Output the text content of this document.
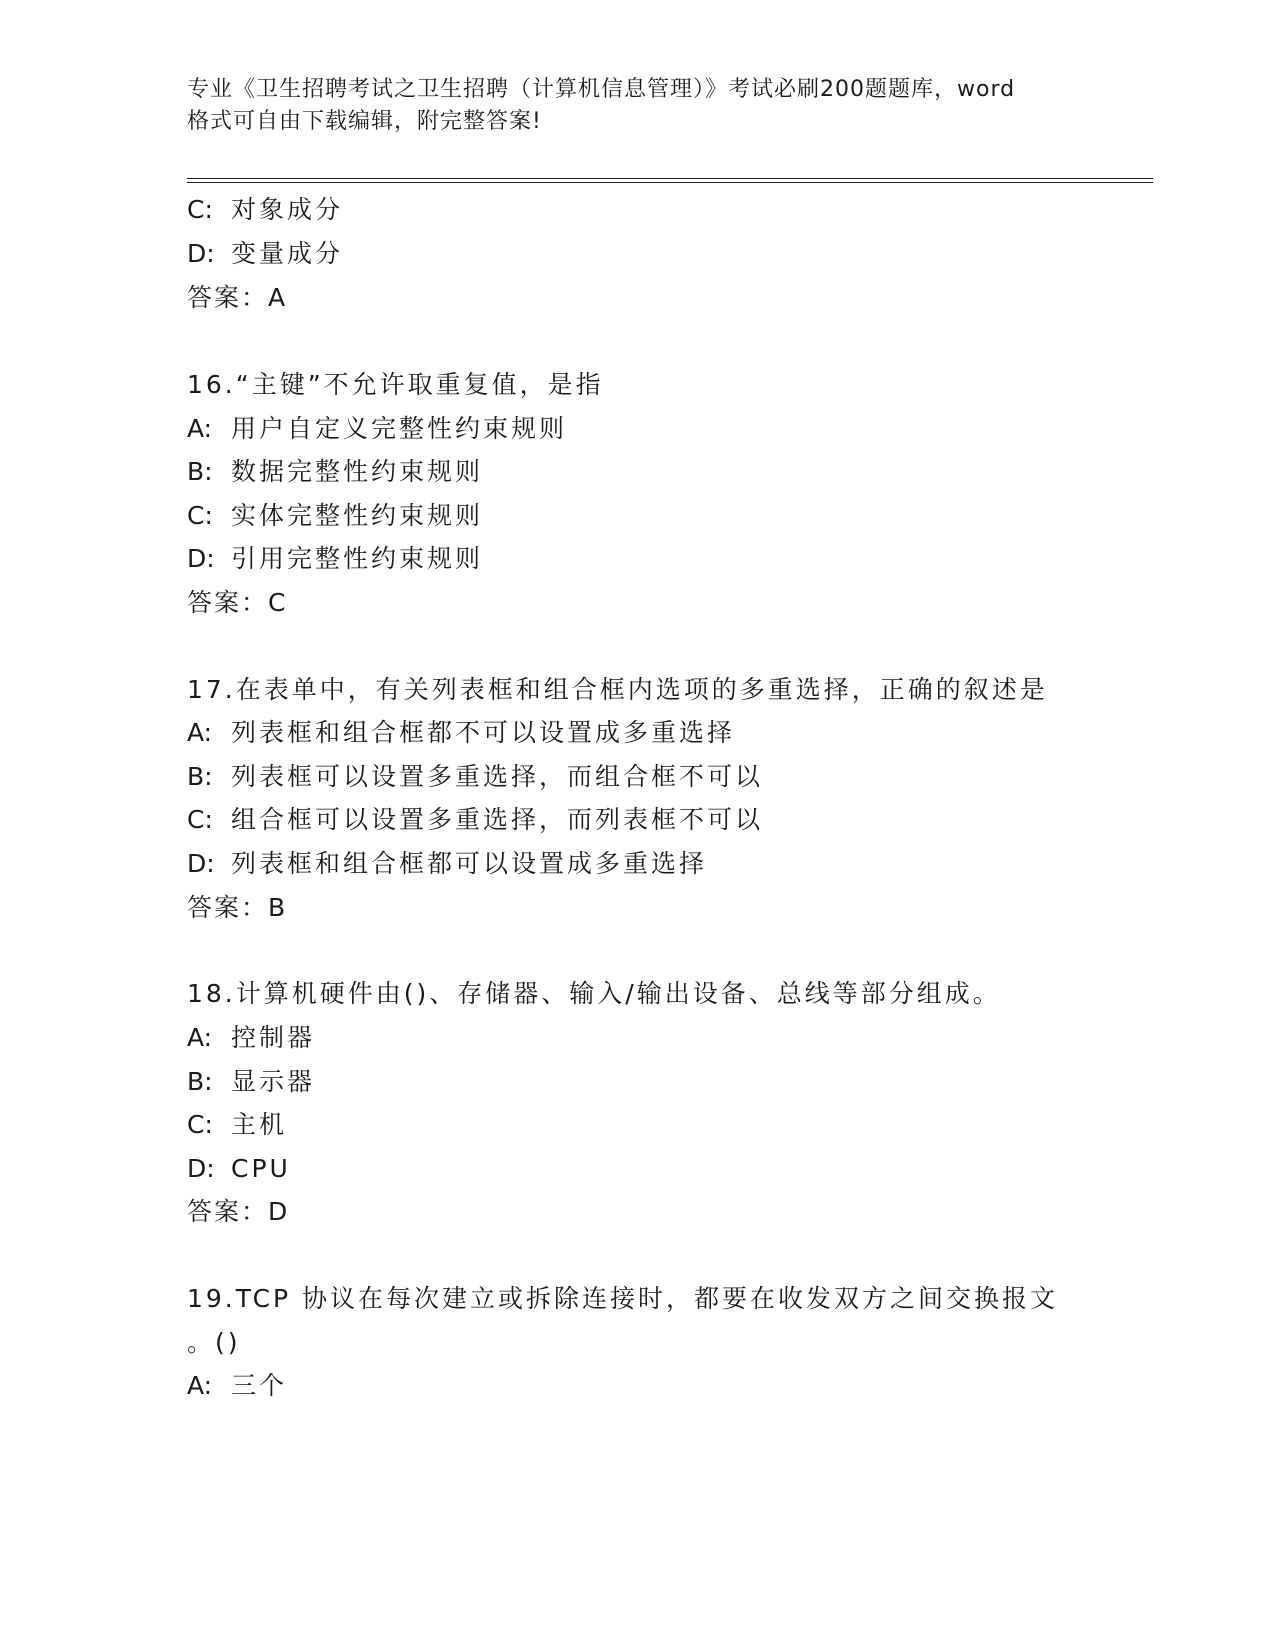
专业《卫生招聘考试之卫生招聘（计算机信息管理）》考试必刷200题题库，word
格式可自由下载编辑，附完整答案!
C: 对象成分
D: 变量成分
答案：A
16.“主键”不允许取重复值，是指
A: 用户自定义完整性约束规则
B: 数据完整性约束规则
C: 实体完整性约束规则
D: 引用完整性约束规则
答案：C
17.在表单中，有关列表框和组合框内选项的多重选择，正确的叙述是
A: 列表框和组合框都不可以设置成多重选择
B: 列表框可以设置多重选择，而组合框不可以
C: 组合框可以设置多重选择，而列表框不可以
D: 列表框和组合框都可以设置成多重选择
答案：B
18.计算机硬件由()、存储器、输入/输出设备、总线等部分组成。
A: 控制器
B: 显示器
C: 主机
D: CPU
答案：D
19.TCP 协议在每次建立或拆除连接时，都要在收发双方之间交换报文
。()
A: 三个
